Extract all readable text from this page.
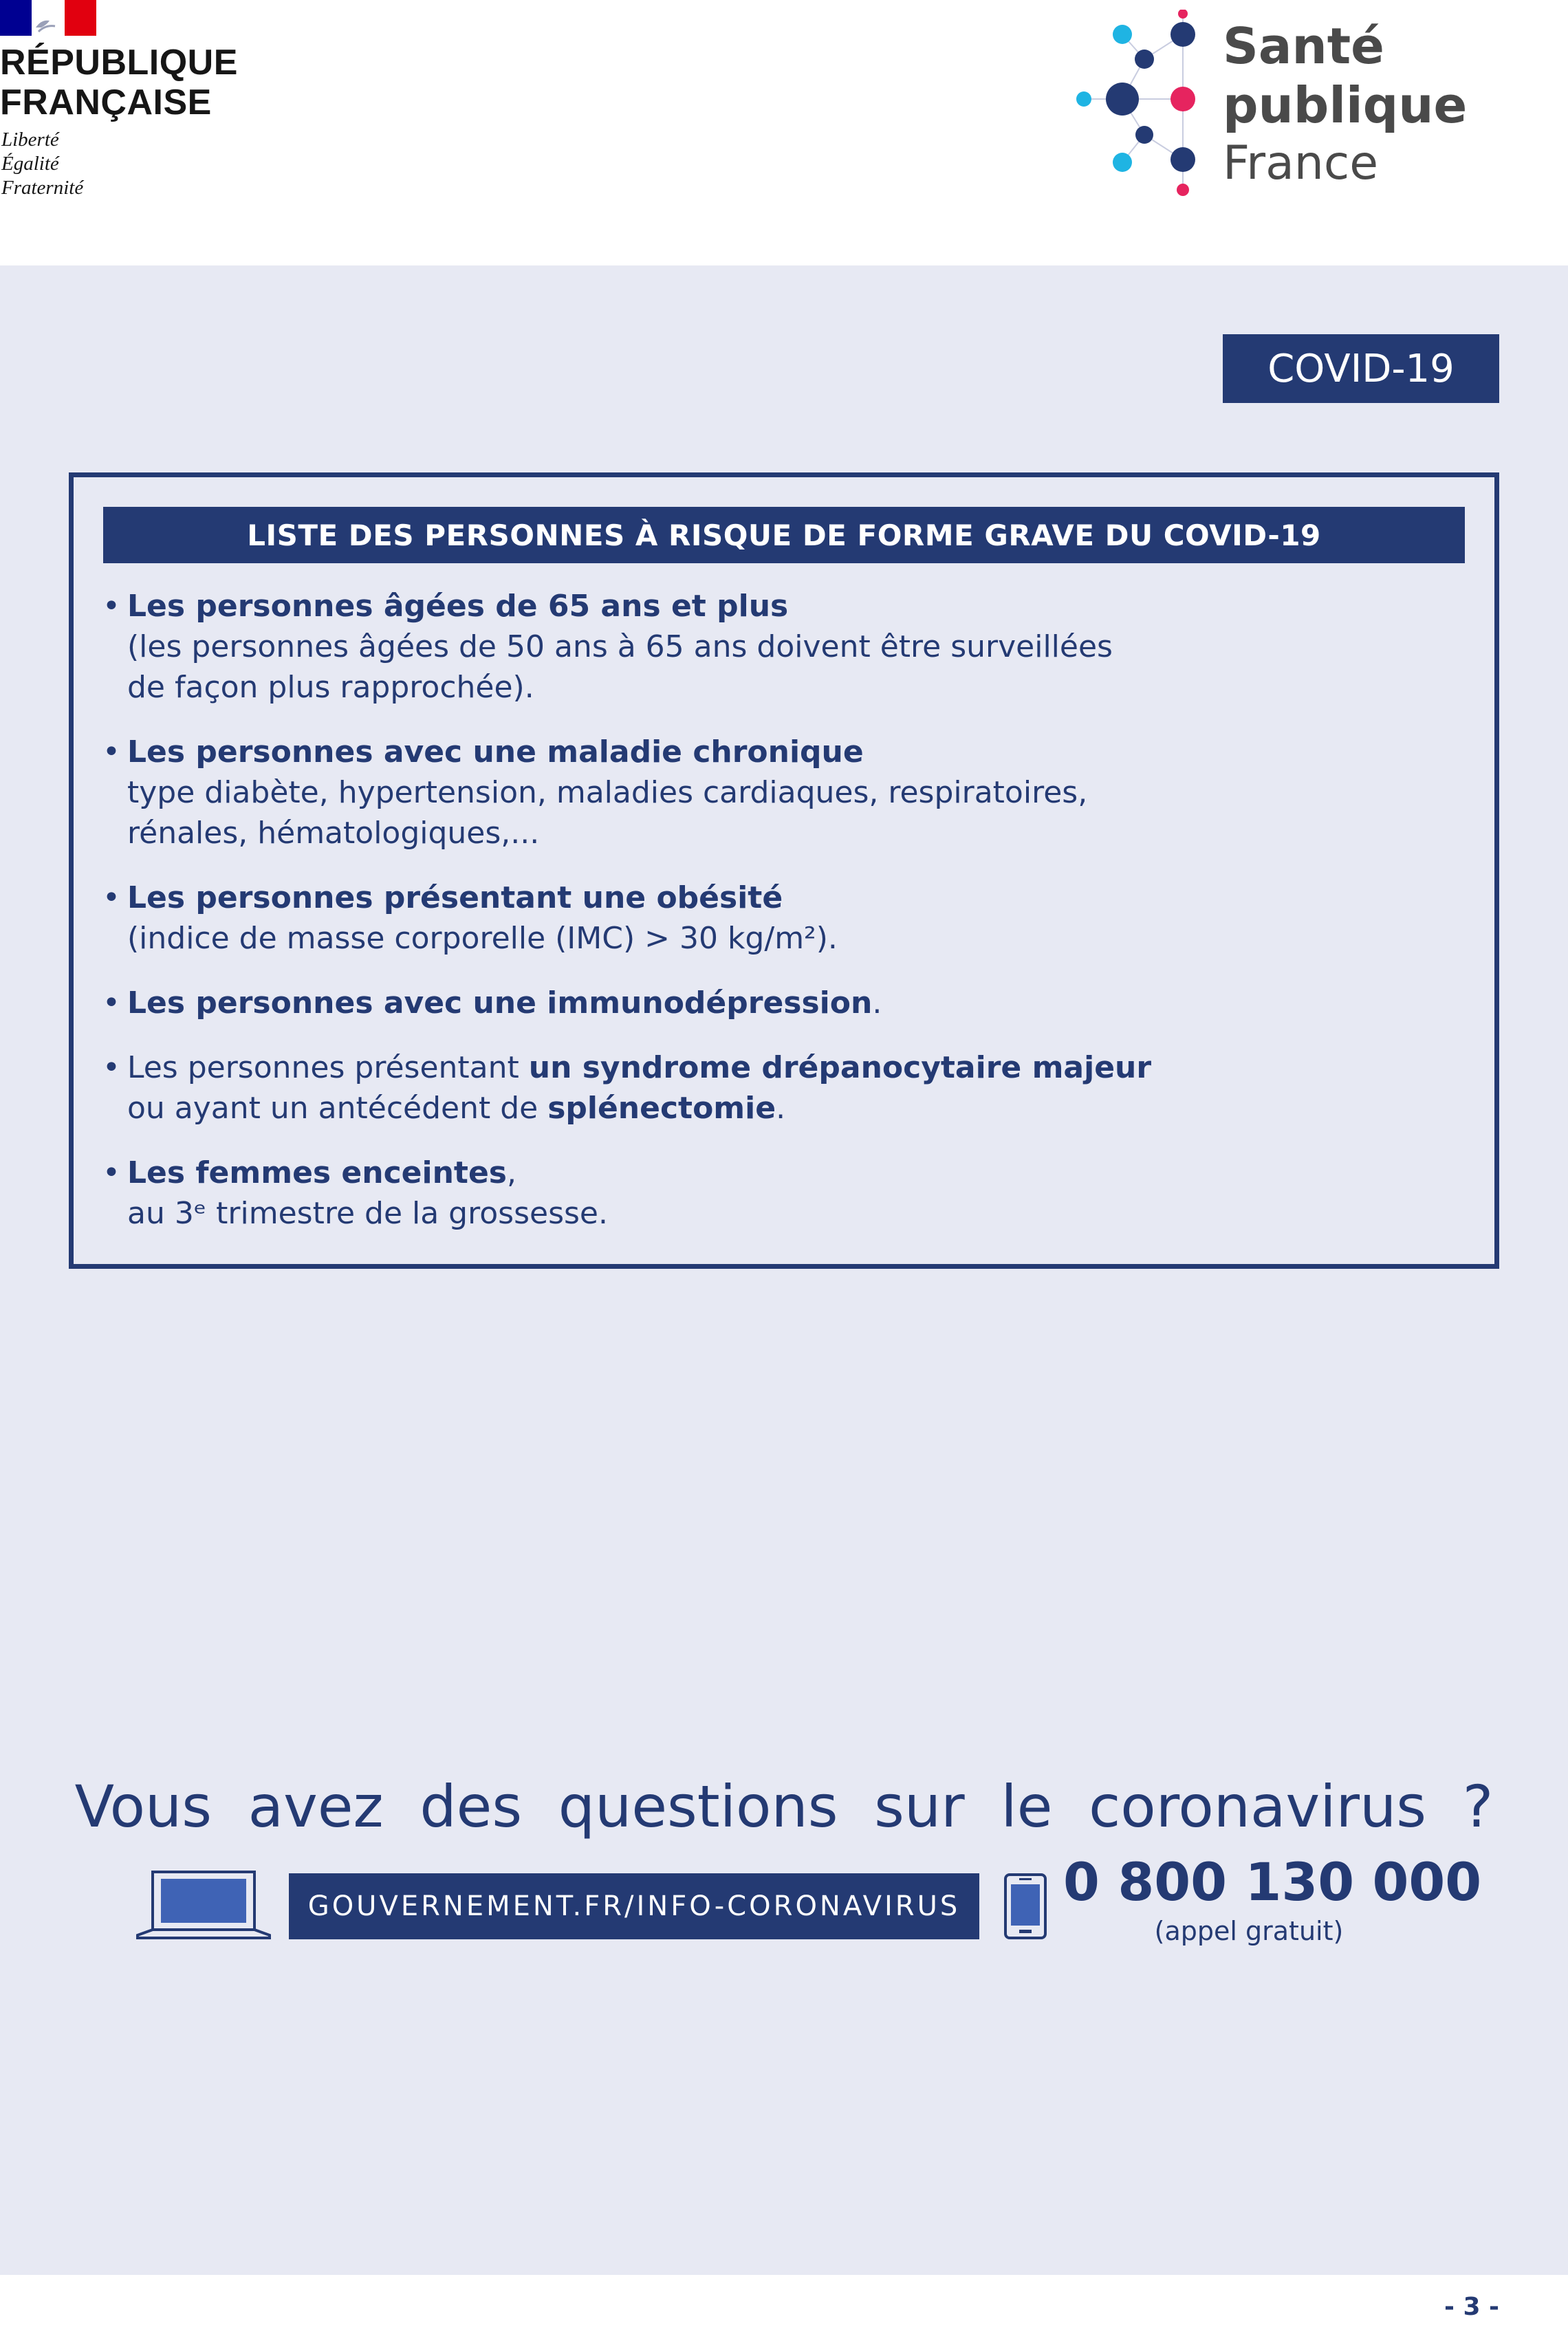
RÉPUBLIQUE
FRANÇAISE
Liberté
Égalité
Fraternité
Santé
publique
France
COVID-19
LISTE DES PERSONNES À RISQUE DE FORME GRAVE DU COVID-19
• Les personnes âgées de 65 ans et plus
(les personnes âgées de 50 ans à 65 ans doivent être surveillées
de façon plus rapprochée).
• Les personnes avec une maladie chronique
type diabète, hypertension, maladies cardiaques, respiratoires,
rénales, hématologiques,...
• Les personnes présentant une obésité
(indice de masse corporelle (IMC) > 30 kg/m²).
• Les personnes avec une immunodépression.
• Les personnes présentant un syndrome drépanocytaire majeur
ou ayant un antécédent de splénectomie.
• Les femmes enceintes,
au 3ᵉ trimestre de la grossesse.
Vous avez des questions sur le coronavirus ?
GOUVERNEMENT.FR/INFO-CORONAVIRUS	0 800 130 000
(appel gratuit)
- 3 -
